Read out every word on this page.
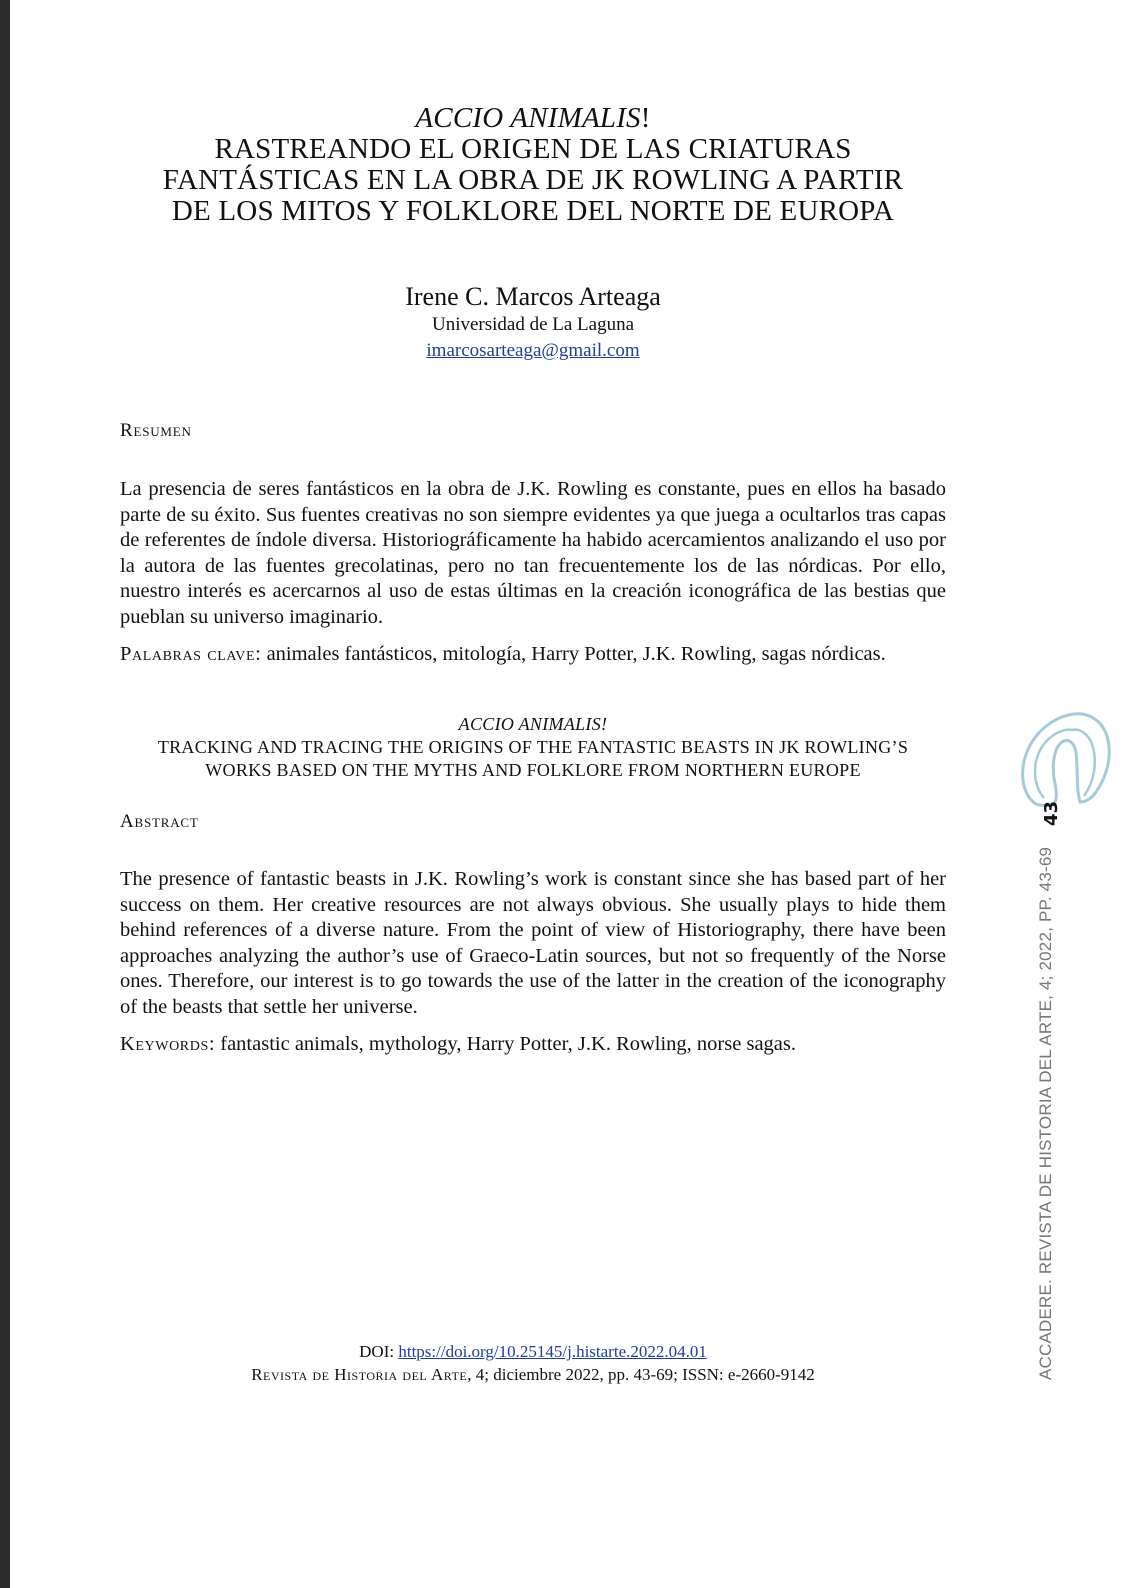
ACCIO ANIMALIS!
RASTREANDO EL ORIGEN DE LAS CRIATURAS
FANTÁSTICAS EN LA OBRA DE JK ROWLING A PARTIR
DE LOS MITOS Y FOLKLORE DEL NORTE DE EUROPA
Irene C. Marcos Arteaga
Universidad de La Laguna
imarcosarteaga@gmail.com
Resumen
La presencia de seres fantásticos en la obra de J.K. Rowling es constante, pues en ellos ha basado parte de su éxito. Sus fuentes creativas no son siempre evidentes ya que juega a ocultarlos tras capas de referentes de índole diversa. Historiográficamente ha habido acercamientos analizando el uso por la autora de las fuentes grecolatinas, pero no tan frecuentemente los de las nórdicas. Por ello, nuestro interés es acercarnos al uso de estas últimas en la creación iconográfica de las bestias que pueblan su universo imaginario.
Palabras clave: animales fantásticos, mitología, Harry Potter, J.K. Rowling, sagas nórdicas.
ACCIO ANIMALIS!
TRACKING AND TRACING THE ORIGINS OF THE FANTASTIC BEASTS IN JK ROWLING’S
WORKS BASED ON THE MYTHS AND FOLKLORE FROM NORTHERN EUROPE
Abstract
The presence of fantastic beasts in J.K. Rowling’s work is constant since she has based part of her success on them. Her creative resources are not always obvious. She usually plays to hide them behind references of a diverse nature. From the point of view of Historiography, there have been approaches analyzing the author’s use of Graeco-Latin sources, but not so frequently of the Norse ones. Therefore, our interest is to go towards the use of the latter in the creation of the iconography of the beasts that settle her universe.
Keywords: fantastic animals, mythology, Harry Potter, J.K. Rowling, norse sagas.
DOI: https://doi.org/10.25145/j.histarte.2022.04.01
Revista de Historia del Arte, 4; diciembre 2022, pp. 43-69; ISSN: e-2660-9142
43
ACCADERE. REVISTA DE HISTORIA DEL ARTE, 4; 2022, PP. 43-69
